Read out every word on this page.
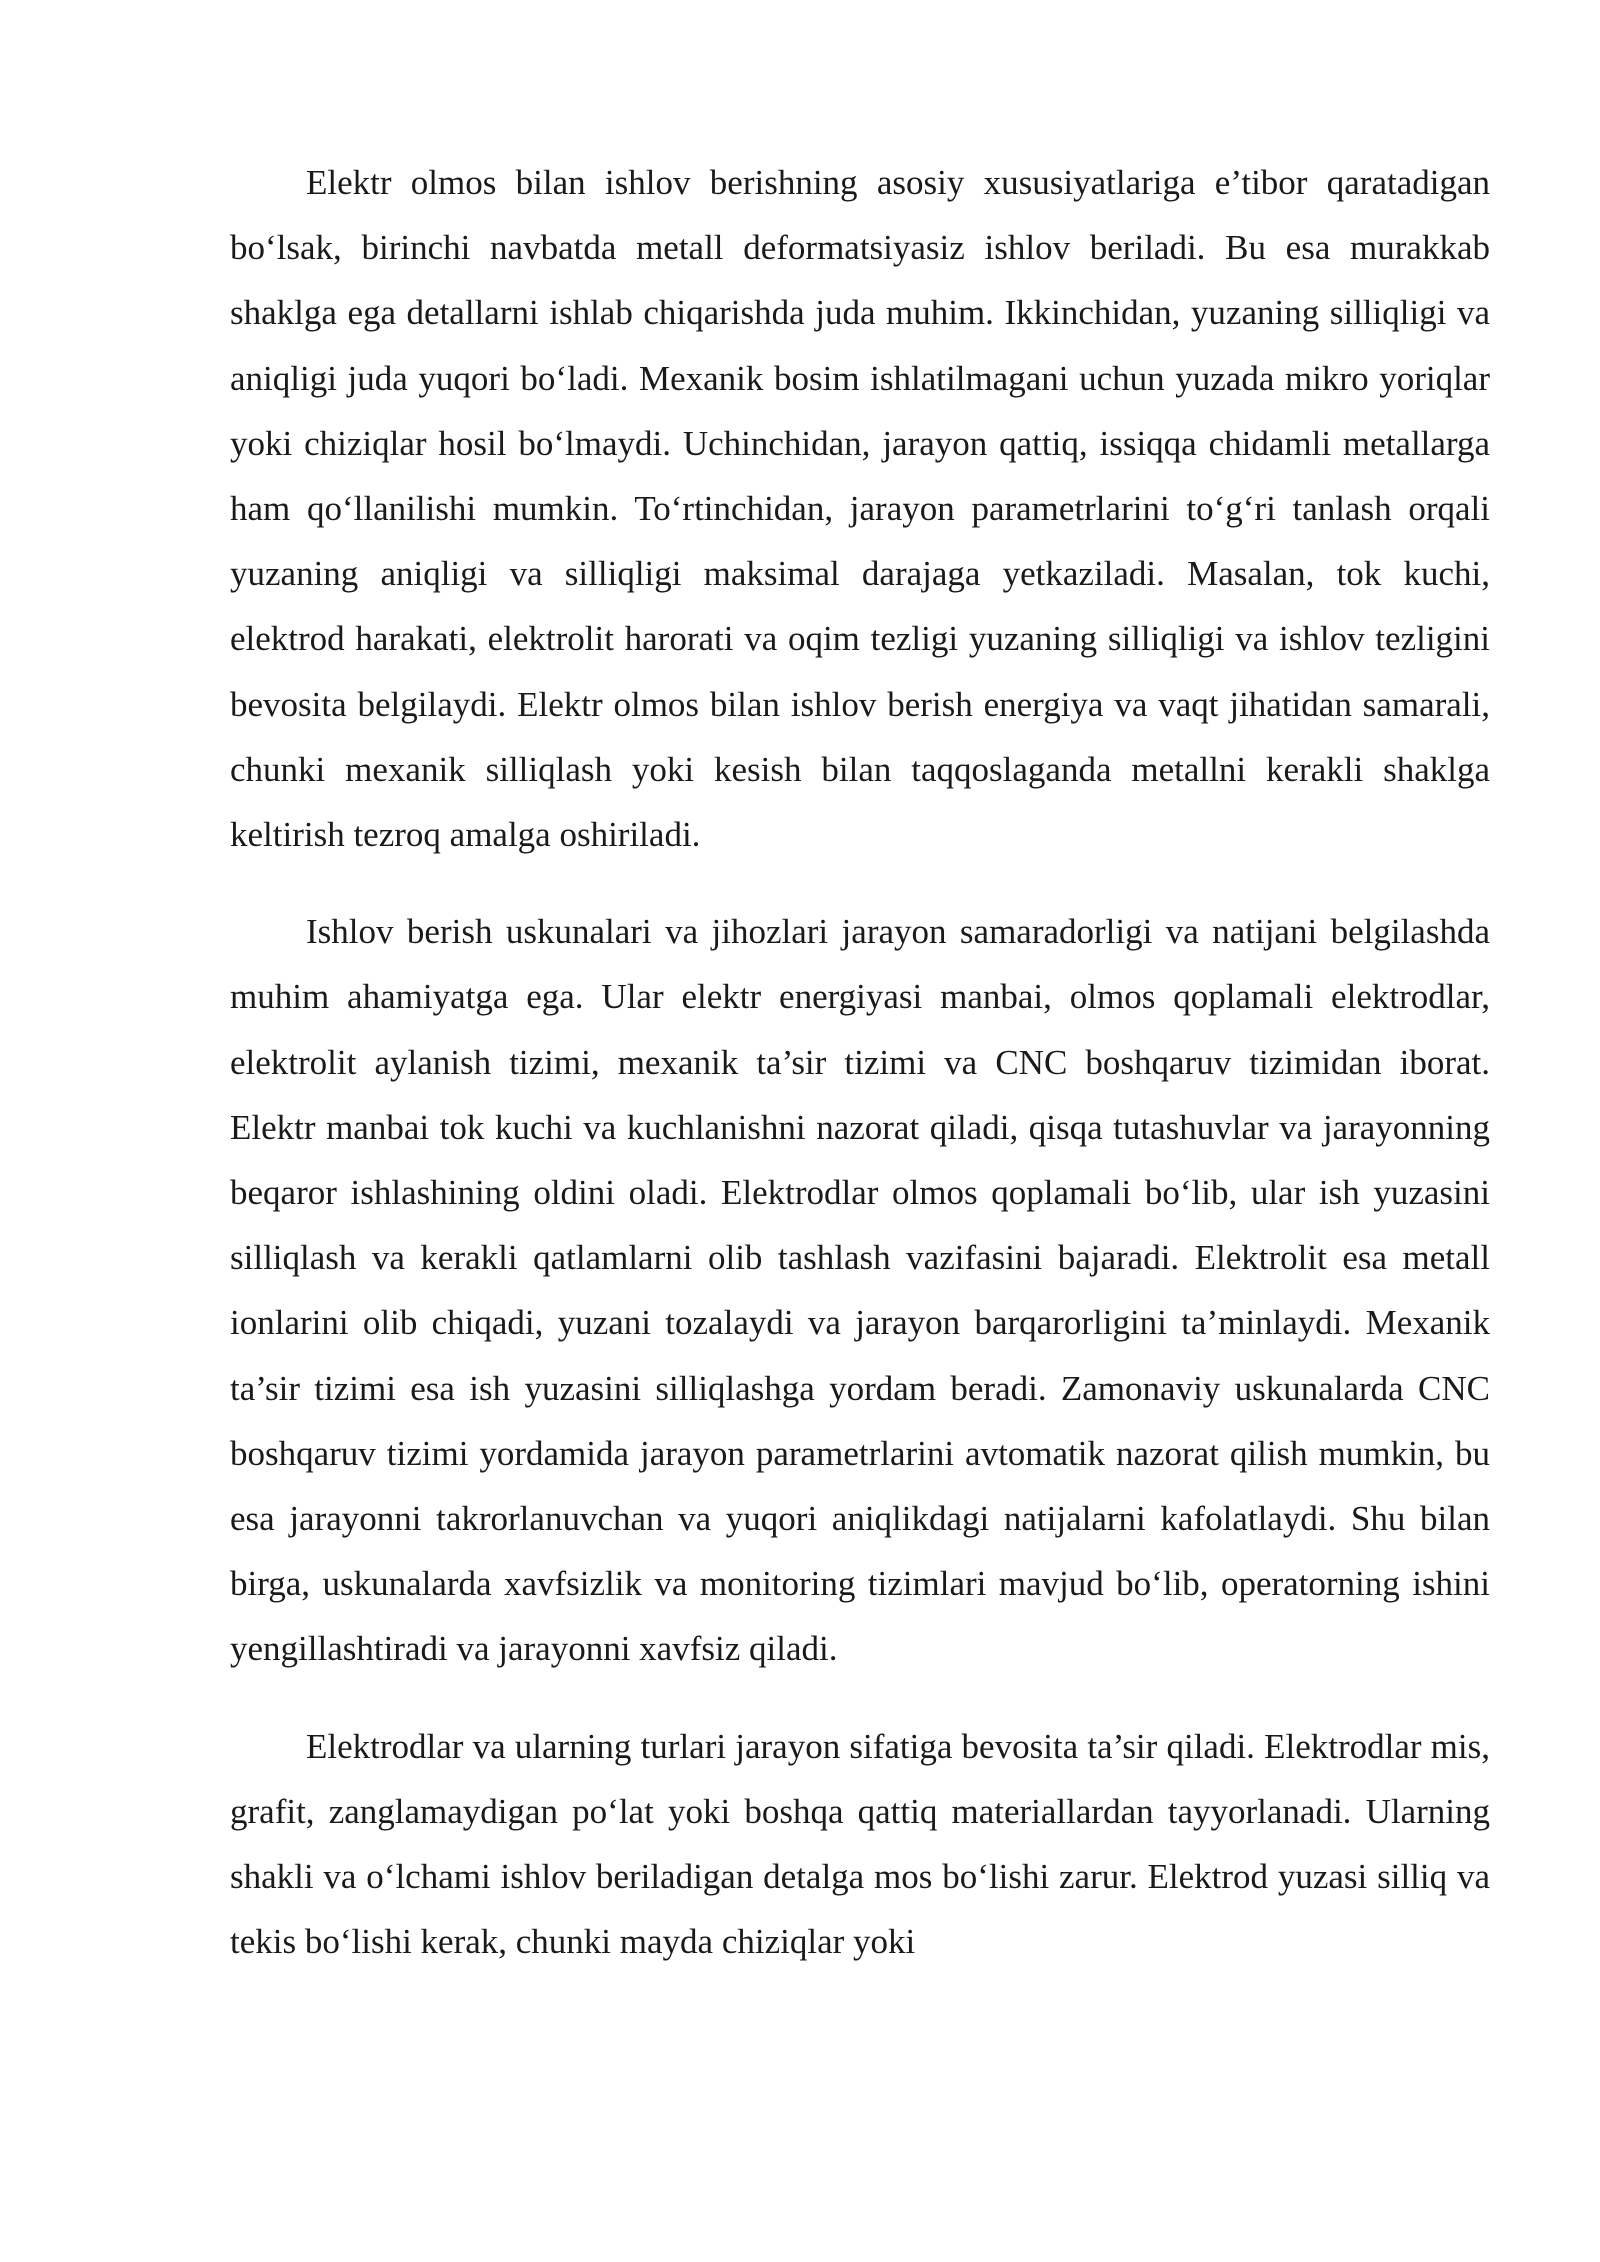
Elektr olmos bilan ishlov berishning asosiy xususiyatlariga e’tibor qaratadigan bo‘lsak, birinchi navbatda metall deformatsiyasiz ishlov beriladi. Bu esa murakkab shaklga ega detallarni ishlab chiqarishda juda muhim. Ikkinchidan, yuzaning silliqligi va aniqligi juda yuqori bo‘ladi. Mexanik bosim ishlatilmagani uchun yuzada mikro yoriqlar yoki chiziqlar hosil bo‘lmaydi. Uchinchidan, jarayon qattiq, issiqqa chidamli metallarga ham qo‘llanilishi mumkin. To‘rtinchidan, jarayon parametrlarini to‘g‘ri tanlash orqali yuzaning aniqligi va silliqligi maksimal darajaga yetkaziladi. Masalan, tok kuchi, elektrod harakati, elektrolit harorati va oqim tezligi yuzaning silliqligi va ishlov tezligini bevosita belgilaydi. Elektr olmos bilan ishlov berish energiya va vaqt jihatidan samarali, chunki mexanik silliqlash yoki kesish bilan taqqoslaganda metallni kerakli shaklga keltirish tezroq amalga oshiriladi.

Ishlov berish uskunalari va jihozlari jarayon samaradorligi va natijani belgilashda muhim ahamiyatga ega. Ular elektr energiyasi manbai, olmos qoplamali elektrodlar, elektrolit aylanish tizimi, mexanik ta’sir tizimi va CNC boshqaruv tizimidan iborat. Elektr manbai tok kuchi va kuchlanishni nazorat qiladi, qisqa tutashuvlar va jarayonning beqaror ishlashining oldini oladi. Elektrodlar olmos qoplamali bo‘lib, ular ish yuzasini silliqlash va kerakli qatlamlarni olib tashlash vazifasini bajaradi. Elektrolit esa metall ionlarini olib chiqadi, yuzani tozalaydi va jarayon barqarorligini ta’minlaydi. Mexanik ta’sir tizimi esa ish yuzasini silliqlashga yordam beradi. Zamonaviy uskunalarda CNC boshqaruv tizimi yordamida jarayon parametrlarini avtomatik nazorat qilish mumkin, bu esa jarayonni takrorlanuvchan va yuqori aniqlikdagi natijalarni kafolatlaydi. Shu bilan birga, uskunalarda xavfsizlik va monitoring tizimlari mavjud bo‘lib, operatorning ishini yengillashtiradi va jarayonni xavfsiz qiladi.

Elektrodlar va ularning turlari jarayon sifatiga bevosita ta’sir qiladi. Elektrodlar mis, grafit, zanglamaydigan po‘lat yoki boshqa qattiq materiallardan tayyorlanadi. Ularning shakli va o‘lchami ishlov beriladigan detalga mos bo‘lishi zarur. Elektrod yuzasi silliq va tekis bo‘lishi kerak, chunki mayda chiziqlar yoki
